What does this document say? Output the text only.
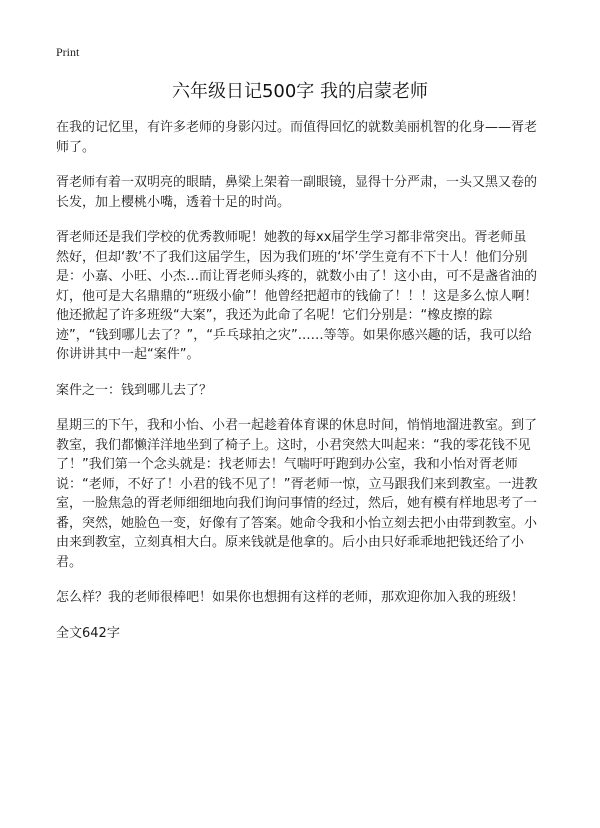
Print
六年级日记500字 我的启蒙老师

在我的记忆里，有许多老师的身影闪过。而值得回忆的就数美丽机智的化身——胥老师了。

胥老师有着一双明亮的眼睛，鼻梁上架着一副眼镜，显得十分严肃，一头又黑又卷的长发，加上樱桃小嘴，透着十足的时尚。

胥老师还是我们学校的优秀教师呢！她教的每xx届学生学习都非常突出。胥老师虽然好，但却‘教’不了我们这届学生，因为我们班的‘坏’学生竟有不下十人！他们分别是：小嘉、小旺、小杰…而让胥老师头疼的，就数小由了！这小由，可不是盏省油的灯，他可是大名鼎鼎的“班级小偷”！他曾经把超市的钱偷了！！！这是多么惊人啊！他还掀起了许多班级“大案”，我还为此命了名呢！它们分别是：“橡皮擦的踪迹”，“钱到哪儿去了？”，“乒乓球拍之灾”……等等。如果你感兴趣的话，我可以给你讲讲其中一起“案件”。

案件之一：钱到哪儿去了？

星期三的下午，我和小怡、小君一起趁着体育课的休息时间，悄悄地溜进教室。到了教室，我们都懒洋洋地坐到了椅子上。这时，小君突然大叫起来：“我的零花钱不见了！”我们第一个念头就是：找老师去！气喘吁吁跑到办公室，我和小怡对胥老师说：“老师，不好了！小君的钱不见了！”胥老师一惊，立马跟我们来到教室。一进教室，一脸焦急的胥老师细细地向我们询问事情的经过，然后，她有模有样地思考了一番，突然，她脸色一变，好像有了答案。她命令我和小怡立刻去把小由带到教室。小由来到教室，立刻真相大白。原来钱就是他拿的。后小由只好乖乖地把钱还给了小君。

怎么样？我的老师很棒吧！如果你也想拥有这样的老师，那欢迎你加入我的班级！

全文642字
